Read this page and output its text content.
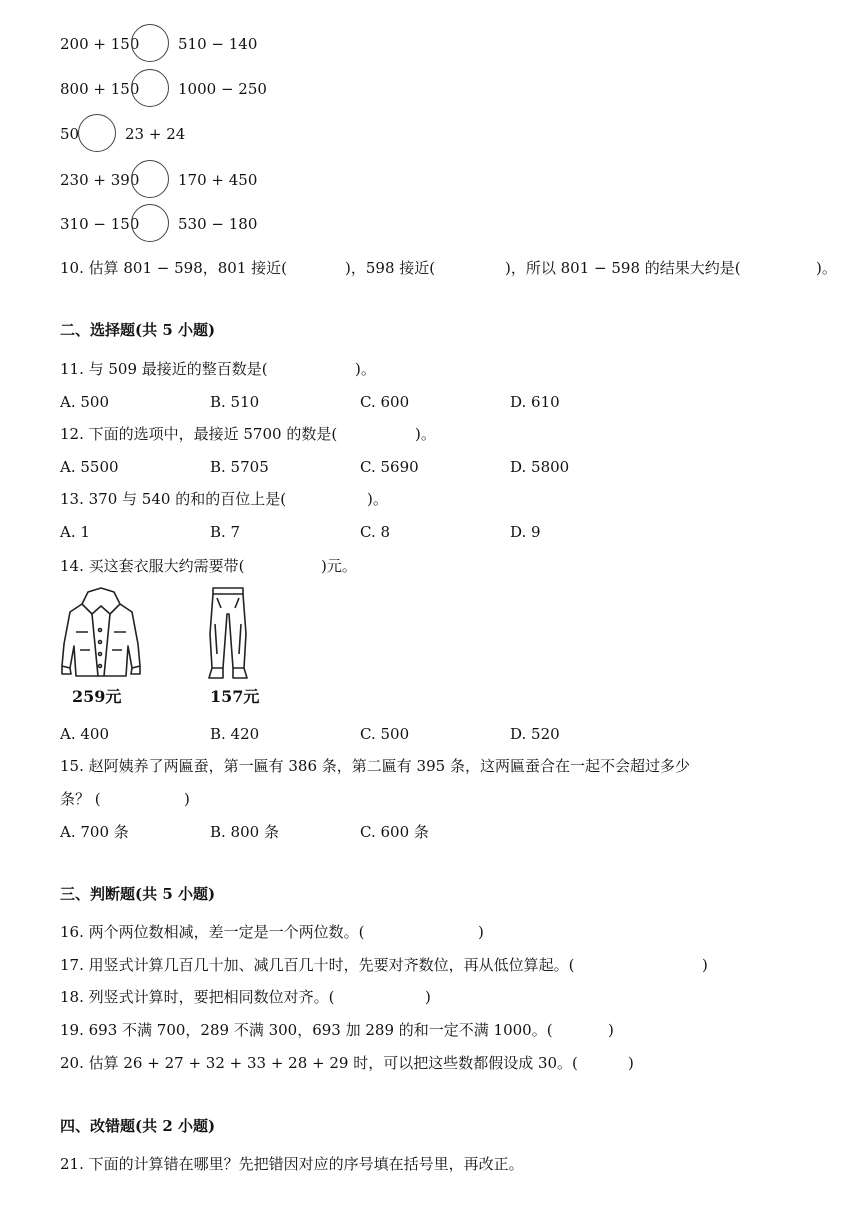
200 + 150	510 − 140
800 + 150	1000 − 250
50	23 + 24
230 + 390	170 + 450
310 − 150	530 − 180
10. 估算 801 − 598，801 接近(	)，598 接近(	)，所以 801 − 598 的结果大约是(	)。
二、选择题(共 5 小题)
11. 与 509 最接近的整百数是(	)。
A. 500	B. 510	C. 600	D. 610
12. 下面的选项中，最接近 5700 的数是(	)。
A. 5500	B. 5705	C. 5690	D. 5800
13. 370 与 540 的和的百位上是(	)。
A. 1	B. 7	C. 8	D. 9
14. 买这套衣服大约需要带(	)元。
259元	157元
A. 400	B. 420	C. 500	D. 520
15. 赵阿姨养了两匾蚕，第一匾有 386 条，第二匾有 395 条，这两匾蚕合在一起不会超过多少
条？ (	)
A. 700 条	B. 800 条	C. 600 条
三、判断题(共 5 小题)
16. 两个两位数相减，差一定是一个两位数。(	)
17. 用竖式计算几百几十加、减几百几十时，先要对齐数位，再从低位算起。(	)
18. 列竖式计算时，要把相同数位对齐。(	)
19. 693 不满 700，289 不满 300，693 加 289 的和一定不满 1000。(	)
20. 估算 26 + 27 + 32 + 33 + 28 + 29 时，可以把这些数都假设成 30。(	)
四、改错题(共 2 小题)
21. 下面的计算错在哪里？先把错因对应的序号填在括号里，再改正。
